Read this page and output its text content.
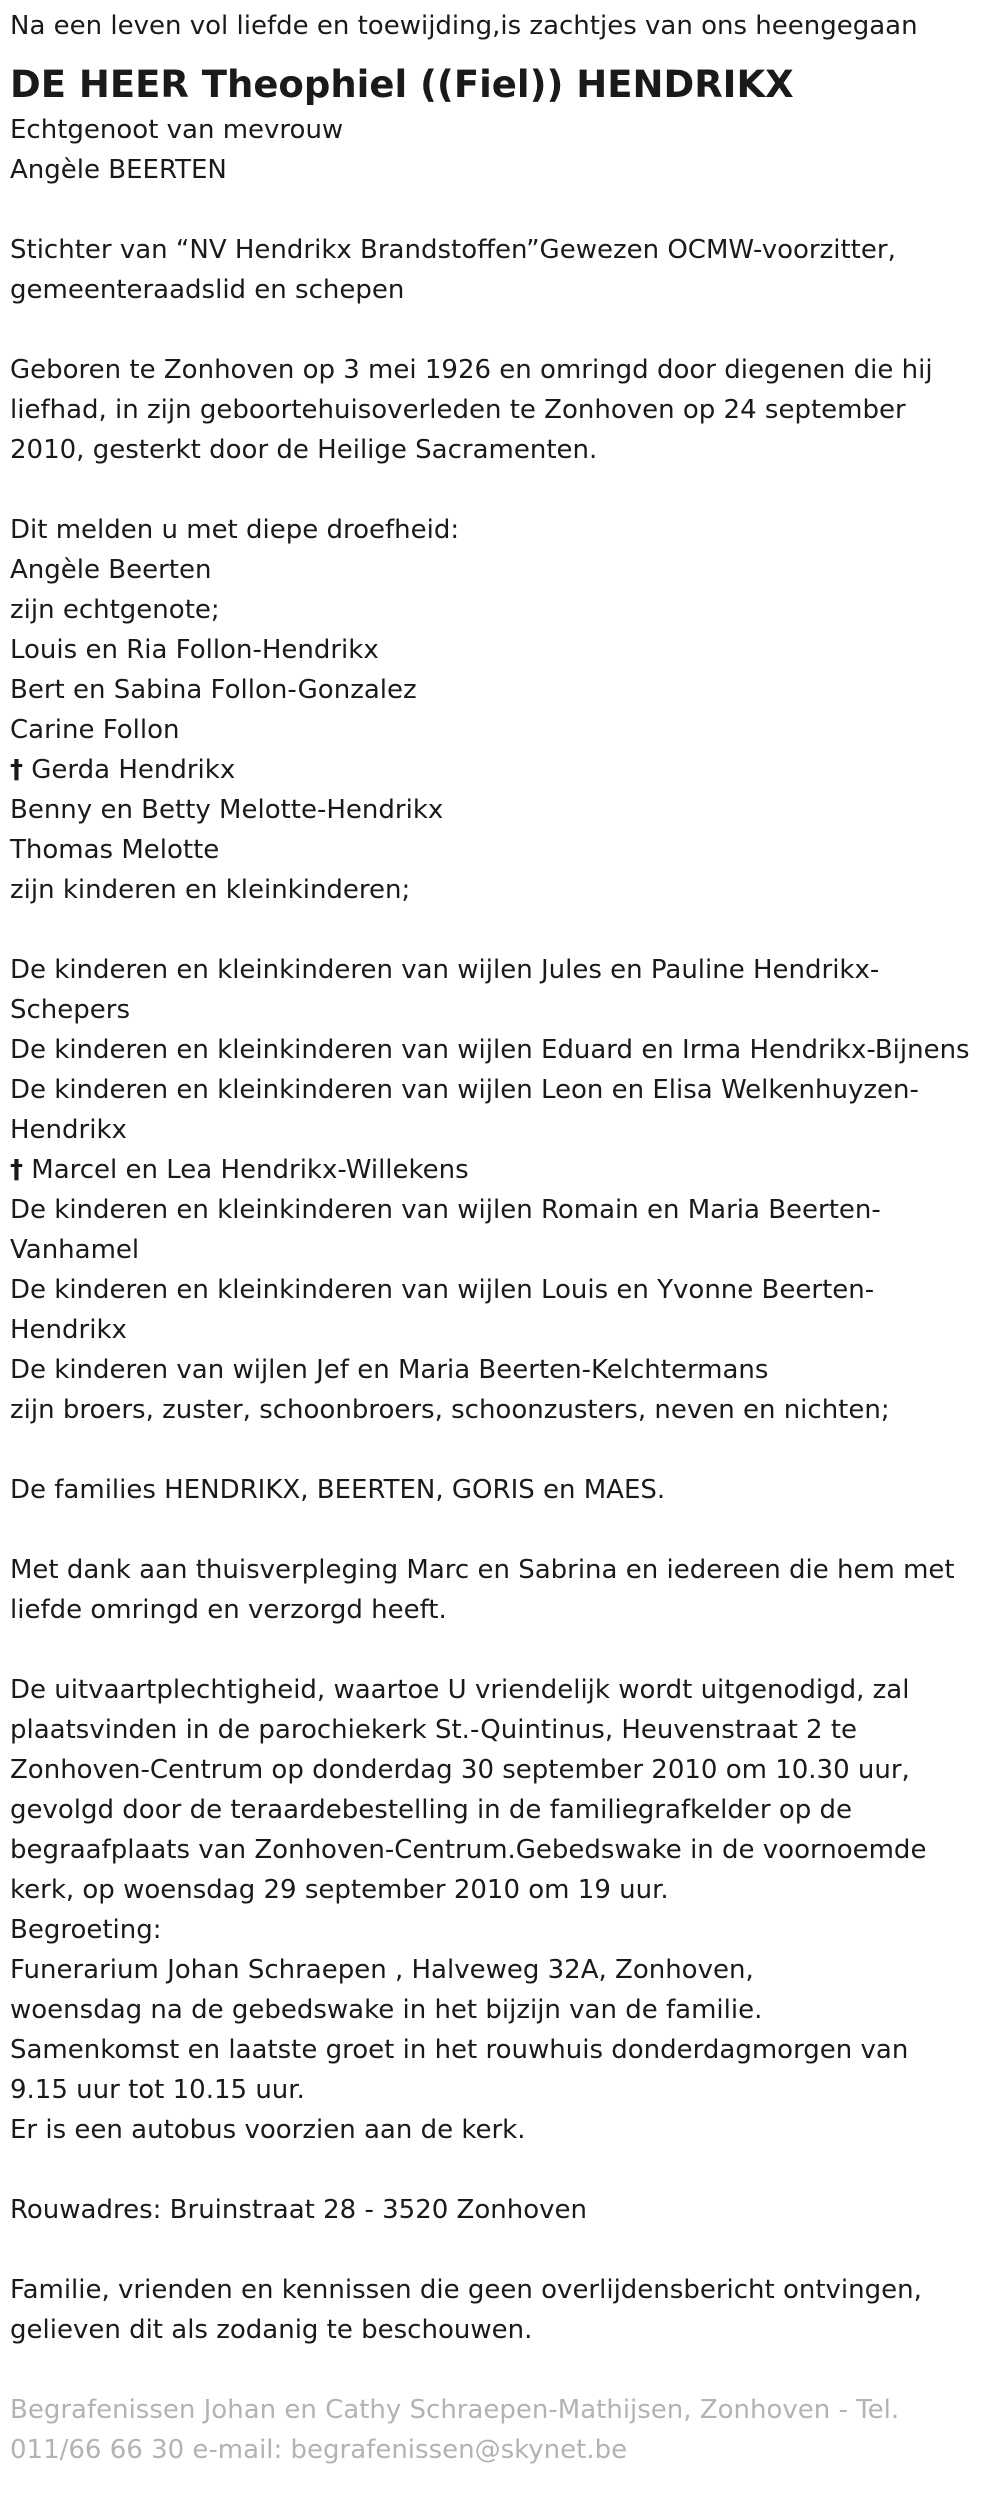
Na een leven vol liefde en toewijding,is zachtjes van ons heengegaan

DE HEER Theophiel ((Fiel)) HENDRIKX

Echtgenoot van mevrouw

Angèle BEERTEN

Stichter van “NV Hendrikx Brandstoffen”Gewezen OCMW-voorzitter,

gemeenteraadslid en schepen

Geboren te Zonhoven op 3 mei 1926 en omringd door diegenen die hij

liefhad, in zijn geboortehuisoverleden te Zonhoven op 24 september

2010, gesterkt door de Heilige Sacramenten.

Dit melden u met diepe droefheid:

Angèle Beerten

zijn echtgenote;

Louis en Ria Follon-Hendrikx

Bert en Sabina Follon-Gonzalez

Carine Follon

† Gerda Hendrikx

Benny en Betty Melotte-Hendrikx

Thomas Melotte

zijn kinderen en kleinkinderen;

De kinderen en kleinkinderen van wijlen Jules en Pauline Hendrikx-

Schepers

De kinderen en kleinkinderen van wijlen Eduard en Irma Hendrikx-Bijnens

De kinderen en kleinkinderen van wijlen Leon en Elisa Welkenhuyzen-

Hendrikx

† Marcel en Lea Hendrikx-Willekens

De kinderen en kleinkinderen van wijlen Romain en Maria Beerten-

Vanhamel

De kinderen en kleinkinderen van wijlen Louis en Yvonne Beerten-

Hendrikx

De kinderen van wijlen Jef en Maria Beerten-Kelchtermans

zijn broers, zuster, schoonbroers, schoonzusters, neven en nichten;

De families HENDRIKX, BEERTEN, GORIS en MAES.

Met dank aan thuisverpleging Marc en Sabrina en iedereen die hem met

liefde omringd en verzorgd heeft.

De uitvaartplechtigheid, waartoe U vriendelijk wordt uitgenodigd, zal

plaatsvinden in de parochiekerk St.-Quintinus, Heuvenstraat 2 te

Zonhoven-Centrum op donderdag 30 september 2010 om 10.30 uur,

gevolgd door de teraardebestelling in de familiegrafkelder op de

begraafplaats van Zonhoven-Centrum.Gebedswake in de voornoemde

kerk, op woensdag 29 september 2010 om 19 uur.

Begroeting:

Funerarium Johan Schraepen , Halveweg 32A, Zonhoven,

woensdag na de gebedswake in het bijzijn van de familie.

Samenkomst en laatste groet in het rouwhuis donderdagmorgen van

9.15 uur tot 10.15 uur.

Er is een autobus voorzien aan de kerk.

Rouwadres: Bruinstraat 28 - 3520 Zonhoven

Familie, vrienden en kennissen die geen overlijdensbericht ontvingen,

gelieven dit als zodanig te beschouwen.

Begrafenissen Johan en Cathy Schraepen-Mathijsen, Zonhoven - Tel.

011/66 66 30 e-mail: begrafenissen@skynet.be
